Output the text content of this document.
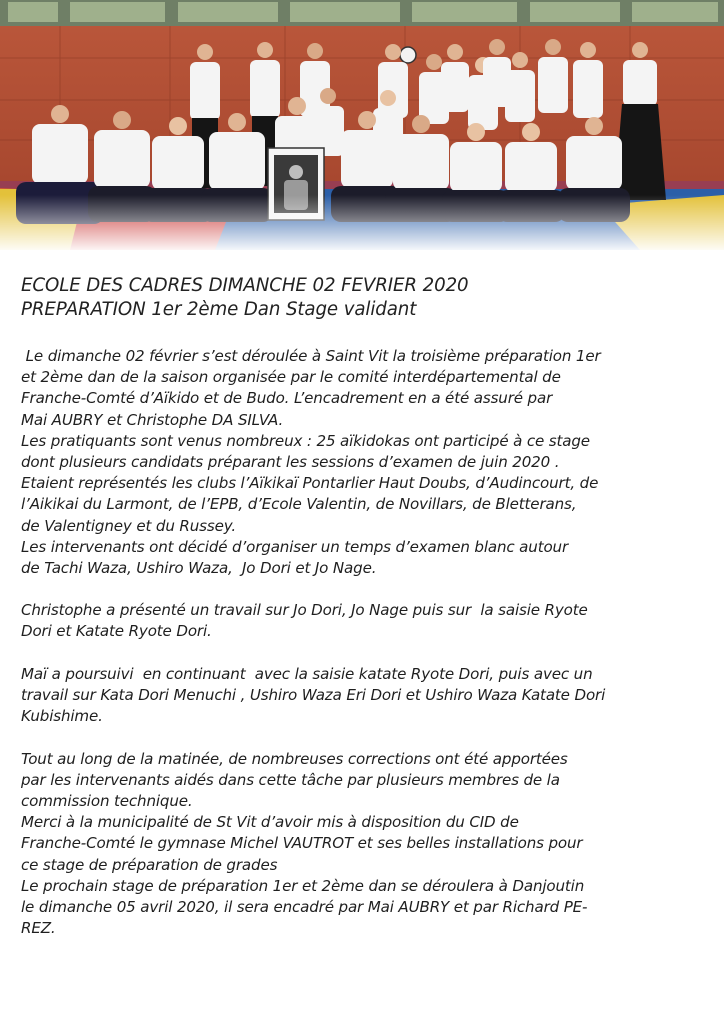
ECOLE DES CADRES DIMANCHE 02 FEVRIER 2020
PREPARATION 1er 2ème Dan Stage validant
Le dimanche 02 février s’est déroulée à Saint Vit la troisième préparation 1er
et 2ème dan de la saison organisée par le comité interdépartemental de
Franche-Comté d’Aïkido et de Budo. L’encadrement en a été assuré par
Mai AUBRY et Christophe DA SILVA.
Les pratiquants sont venus nombreux : 25 aïkidokas ont participé à ce stage
dont plusieurs candidats préparant les sessions d’examen de juin 2020 .
Etaient représentés les clubs l’Aïkikaï Pontarlier Haut Doubs, d’Audincourt, de
l’Aikikai du Larmont, de l’EPB, d’Ecole Valentin, de Novillars, de Bletterans,
de Valentigney et du Russey.
Les intervenants ont décidé d’organiser un temps d’examen blanc autour
de Tachi Waza, Ushiro Waza,  Jo Dori et Jo Nage.
Christophe a présenté un travail sur Jo Dori, Jo Nage puis sur  la saisie Ryote
Dori et Katate Ryote Dori.
Maï a poursuivi  en continuant  avec la saisie katate Ryote Dori, puis avec un
travail sur Kata Dori Menuchi , Ushiro Waza Eri Dori et Ushiro Waza Katate Dori
Kubishime.
Tout au long de la matinée, de nombreuses corrections ont été apportées
par les intervenants aidés dans cette tâche par plusieurs membres de la
commission technique.
Merci à la municipalité de St Vit d’avoir mis à disposition du CID de
Franche-Comté le gymnase Michel VAUTROT et ses belles installations pour
ce stage de préparation de grades
Le prochain stage de préparation 1er et 2ème dan se déroulera à Danjoutin
le dimanche 05 avril 2020, il sera encadré par Mai AUBRY et par Richard PE-
REZ.
